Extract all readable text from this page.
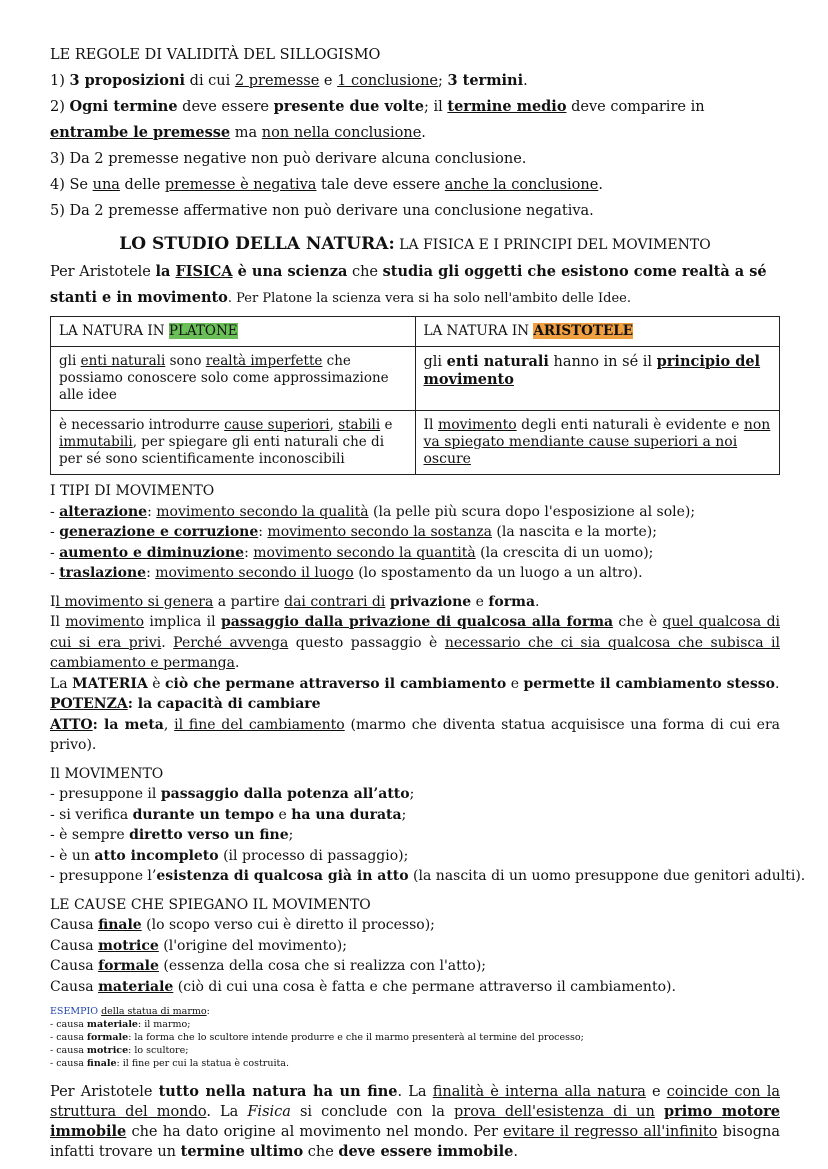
LE REGOLE DI VALIDITÀ DEL SILLOGISMO
1) 3 proposizioni di cui 2 premesse e 1 conclusione; 3 termini.
2) Ogni termine deve essere presente due volte; il termine medio deve comparire in entrambe le premesse ma non nella conclusione.
3) Da 2 premesse negative non può derivare alcuna conclusione.
4) Se una delle premesse è negativa tale deve essere anche la conclusione.
5) Da 2 premesse affermative non può derivare una conclusione negativa.
LO STUDIO DELLA NATURA: LA FISICA E I PRINCIPI DEL MOVIMENTO
Per Aristotele la FISICA è una scienza che studia gli oggetti che esistono come realtà a sé stanti e in movimento. Per Platone la scienza vera si ha solo nell'ambito delle Idee.
LA NATURA IN PLATONE	LA NATURA IN ARISTOTELE
gli enti naturali sono realtà imperfette che possiamo conoscere solo come approssimazione alle idee	gli enti naturali hanno in sé il principio del movimento
è necessario introdurre cause superiori, stabili e immutabili, per spiegare gli enti naturali che di per sé sono scientificamente inconoscibili	Il movimento degli enti naturali è evidente e non va spiegato mendiante cause superiori a noi oscure
I TIPI DI MOVIMENTO
- alterazione: movimento secondo la qualità (la pelle più scura dopo l'esposizione al sole);
- generazione e corruzione: movimento secondo la sostanza (la nascita e la morte);
- aumento e diminuzione: movimento secondo la quantità (la crescita di un uomo);
- traslazione: movimento secondo il luogo (lo spostamento da un luogo a un altro).
Il movimento si genera a partire dai contrari di privazione e forma.
Il movimento implica il passaggio dalla privazione di qualcosa alla forma che è quel qualcosa di cui si era privi. Perché avvenga questo passaggio è necessario che ci sia qualcosa che subisca il cambiamento e permanga.
La MATERIA è ciò che permane attraverso il cambiamento e permette il cambiamento stesso.
POTENZA: la capacità di cambiare
ATTO: la meta, il fine del cambiamento (marmo che diventa statua acquisisce una forma di cui era privo).
Il MOVIMENTO
- presuppone il passaggio dalla potenza all’atto;
- si verifica durante un tempo e ha una durata;
- è sempre diretto verso un fine;
- è un atto incompleto (il processo di passaggio);
- presuppone l’esistenza di qualcosa già in atto (la nascita di un uomo presuppone due genitori adulti).
LE CAUSE CHE SPIEGANO IL MOVIMENTO
Causa finale (lo scopo verso cui è diretto il processo);
Causa motrice (l'origine del movimento);
Causa formale (essenza della cosa che si realizza con l'atto);
Causa materiale (ciò di cui una cosa è fatta e che permane attraverso il cambiamento).
ESEMPIO della statua di marmo:
- causa materiale: il marmo;
- causa formale: la forma che lo scultore intende produrre e che il marmo presenterà al termine del processo;
- causa motrice: lo scultore;
- causa finale: il fine per cui la statua è costruita.
Per Aristotele tutto nella natura ha un fine. La finalità è interna alla natura e coincide con la struttura del mondo. La Fisica si conclude con la prova dell'esistenza di un primo motore immobile che ha dato origine al movimento nel mondo. Per evitare il regresso all'infinito bisogna infatti trovare un termine ultimo che deve essere immobile.
